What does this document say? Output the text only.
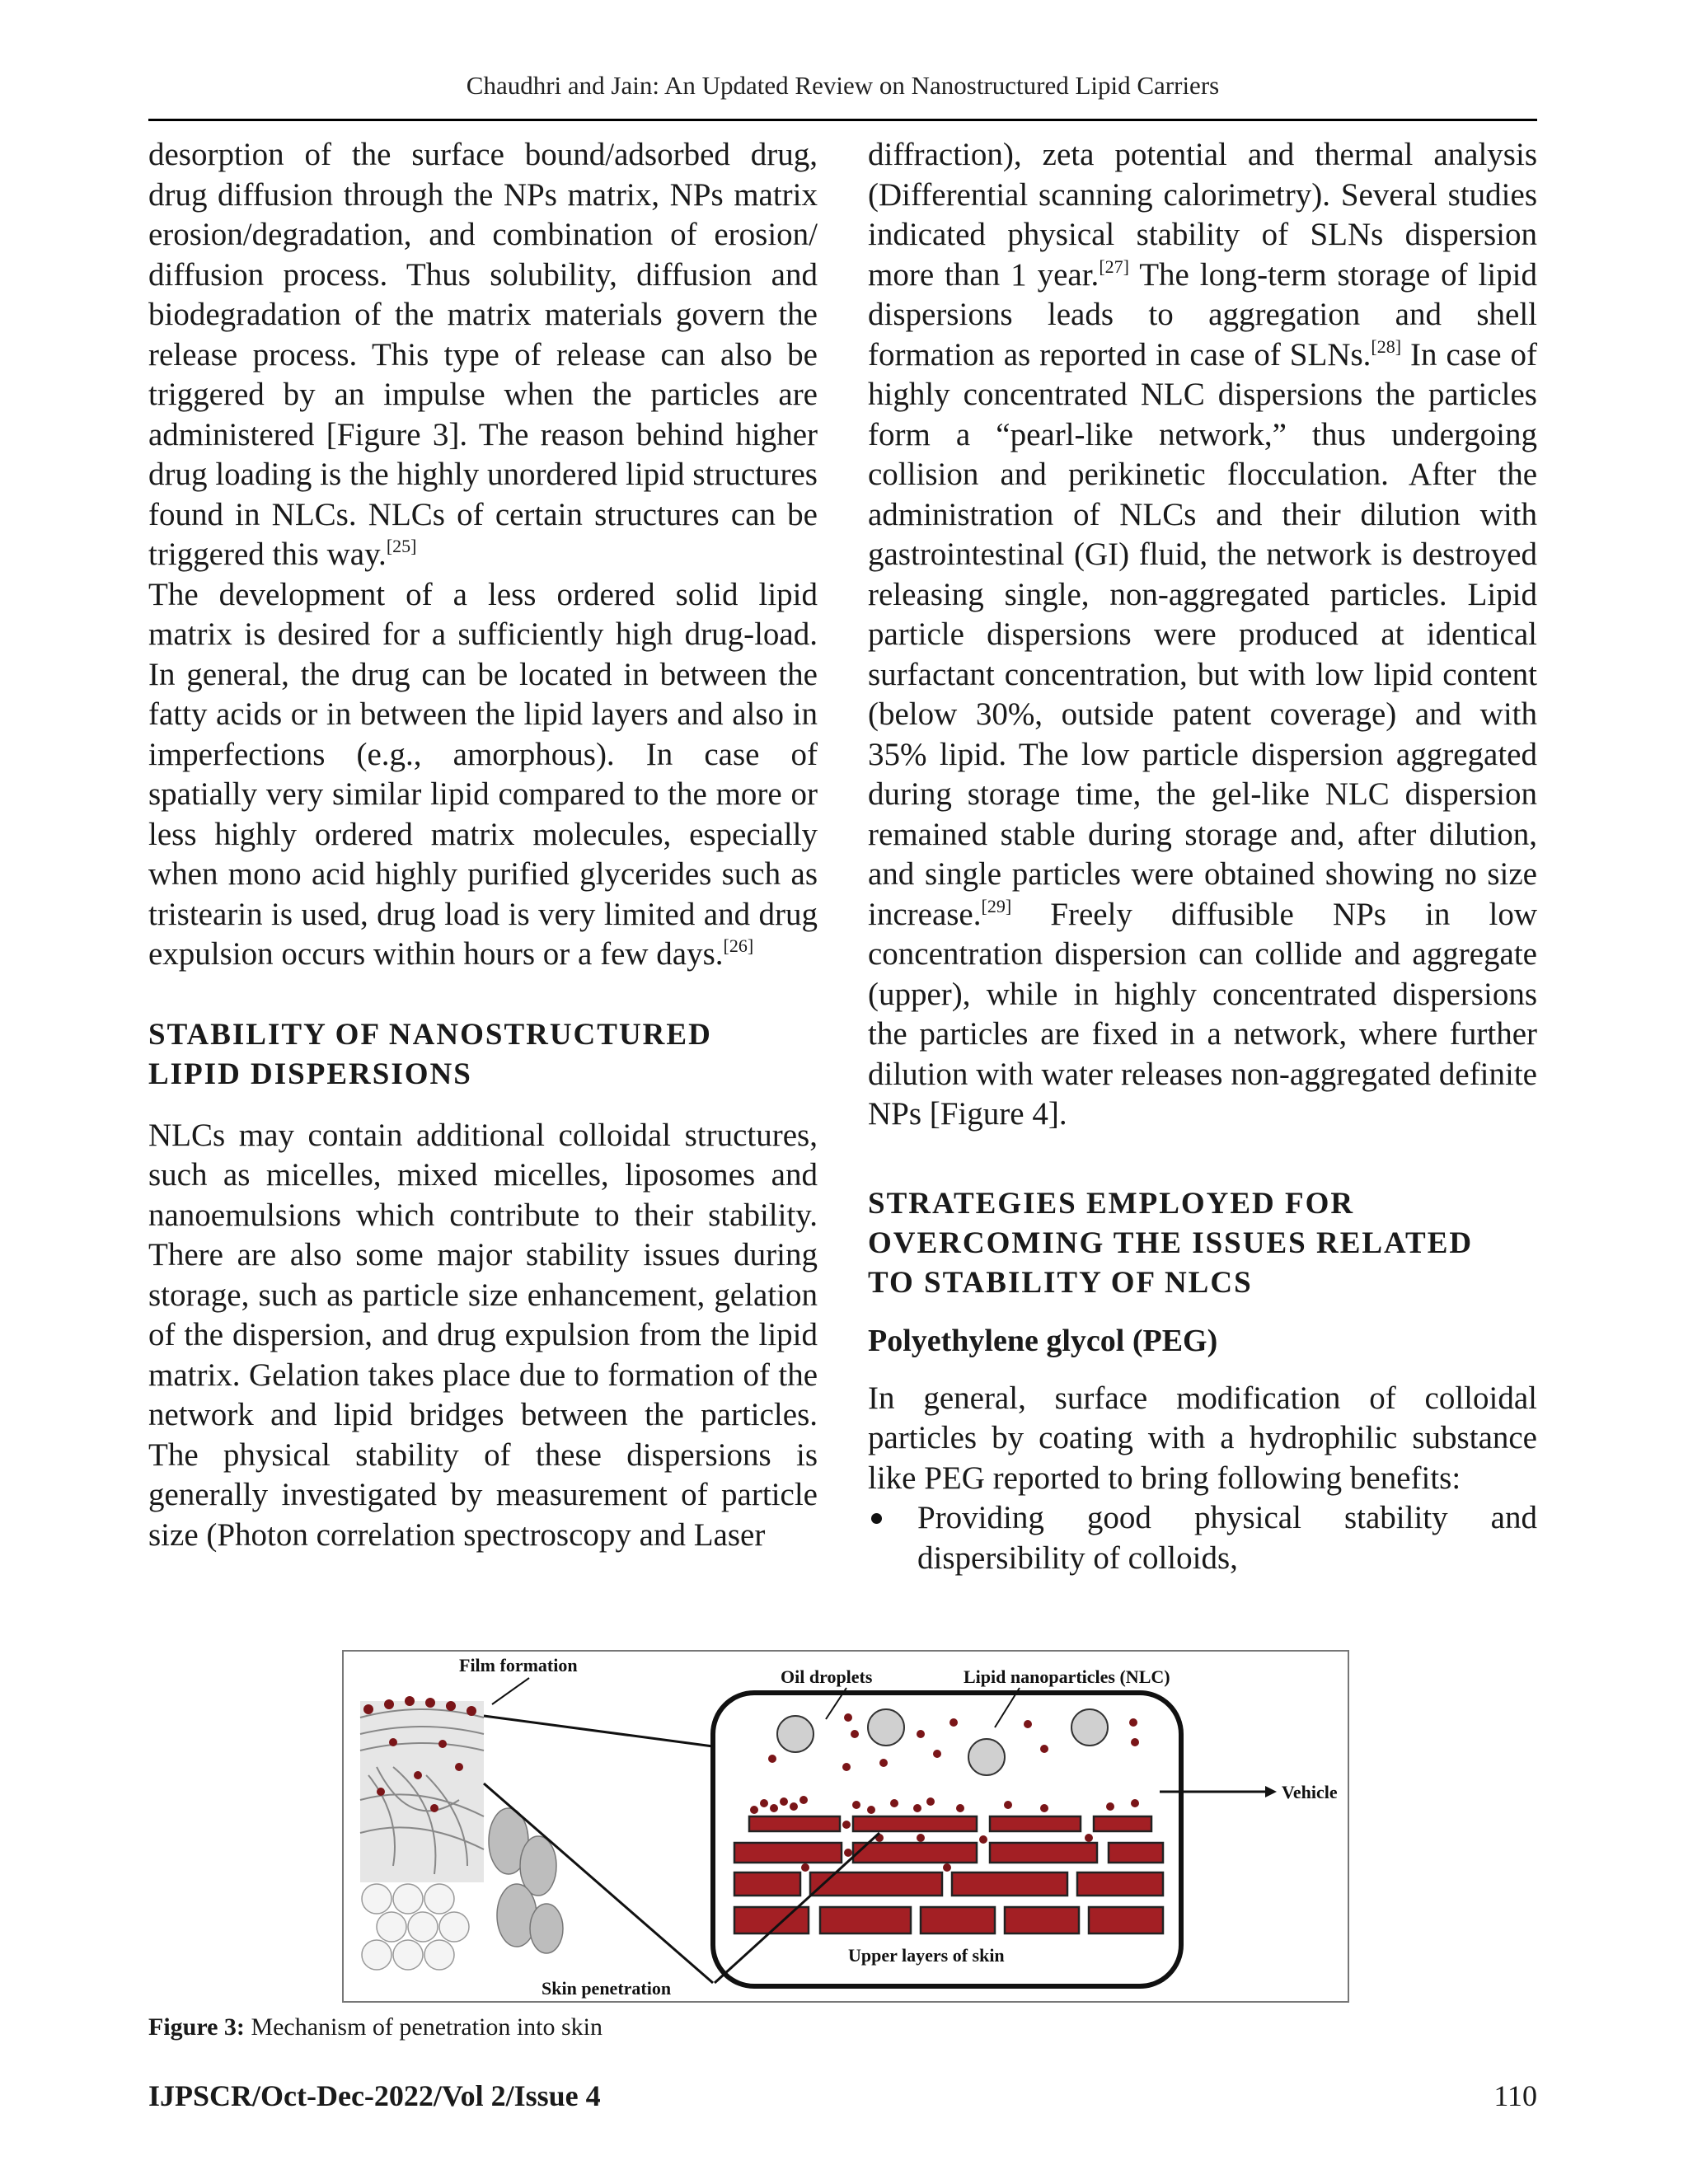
Chaudhri and Jain: An Updated Review on Nanostructured Lipid Carriers

desorption of the surface bound/adsorbed drug, drug diffusion through the NPs matrix, NPs matrix erosion/degradation, and combination of erosion/ diffusion process. Thus solubility, diffusion and biodegradation of the matrix materials govern the release process. This type of release can also be triggered by an impulse when the particles are administered [Figure 3]. The reason behind higher drug loading is the highly unordered lipid structures found in NLCs. NLCs of certain structures can be triggered this way.[25]

The development of a less ordered solid lipid matrix is desired for a sufficiently high drug-load. In general, the drug can be located in between the fatty acids or in between the lipid layers and also in imperfections (e.g., amorphous). In case of spatially very similar lipid compared to the more or less highly ordered matrix molecules, especially when mono acid highly purified glycerides such as tristearin is used, drug load is very limited and drug expulsion occurs within hours or a few days.[26]

STABILITY OF NANOSTRUCTURED
LIPID DISPERSIONS

NLCs may contain additional colloidal structures, such as micelles, mixed micelles, liposomes and nanoemulsions which contribute to their stability. There are also some major stability issues during storage, such as particle size enhancement, gelation of the dispersion, and drug expulsion from the lipid matrix. Gelation takes place due to formation of the network and lipid bridges between the particles. The physical stability of these dispersions is generally investigated by measurement of particle size (Photon correlation spectroscopy and Laser

diffraction), zeta potential and thermal analysis (Differential scanning calorimetry). Several studies indicated physical stability of SLNs dispersion more than 1 year.[27] The long-term storage of lipid dispersions leads to aggregation and shell formation as reported in case of SLNs.[28] In case of highly concentrated NLC dispersions the particles form a “pearl-like network,” thus undergoing collision and perikinetic flocculation. After the administration of NLCs and their dilution with gastrointestinal (GI) fluid, the network is destroyed releasing single, non-aggregated particles. Lipid particle dispersions were produced at identical surfactant concentration, but with low lipid content (below 30%, outside patent coverage) and with 35% lipid. The low particle dispersion aggregated during storage time, the gel-like NLC dispersion remained stable during storage and, after dilution, and single particles were obtained showing no size increase.[29] Freely diffusible NPs in low concentration dispersion can collide and aggregate (upper), while in highly concentrated dispersions the particles are fixed in a network, where further dilution with water releases non-aggregated definite NPs [Figure 4].

STRATEGIES EMPLOYED FOR
OVERCOMING THE ISSUES RELATED
TO STABILITY OF NLCS
Polyethylene glycol (PEG)

In general, surface modification of colloidal particles by coating with a hydrophilic substance like PEG reported to bring following benefits:

Providing good physical stability and dispersibility of colloids,
Film formation
Oil droplets	Lipid nanoparticles (NLC)
Vehicle
Upper layers of skin
Skin penetration
Figure 3: Mechanism of penetration into skin
IJPSCR/Oct-Dec-2022/Vol 2/Issue 4	110
